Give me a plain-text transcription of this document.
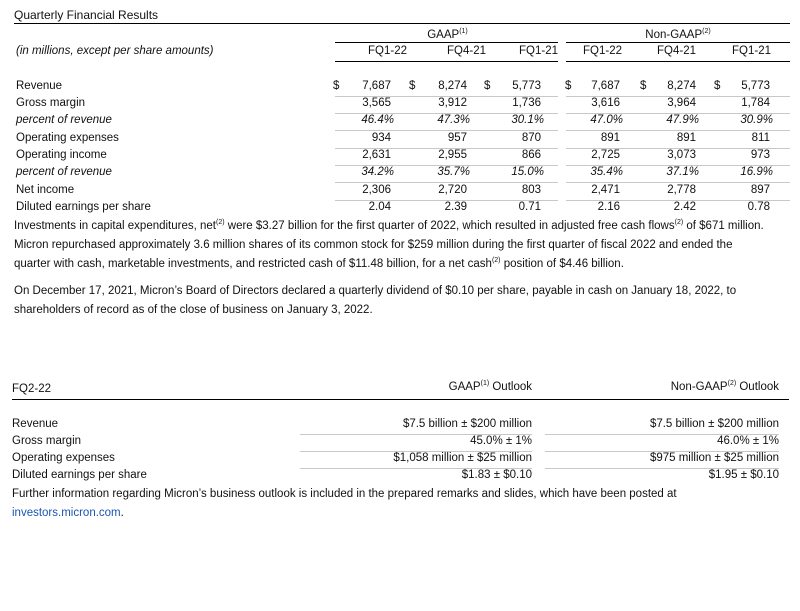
Quarterly Financial Results
GAAP$^{(1)}$	Non-GAAP$^{(2)}$
(in millions, except per share amounts)	FQ1-22	FQ4-21	FQ1-21	FQ1-22	FQ4-21	FQ1-21
Revenue	$	7,687 $	8,274 $	5,773 $	7,687 $	8,274 $	5,773
Gross margin	3,565	3,912	1,736	3,616	3,964	1,784
percent of revenue	46.4%	47.3%	30.1%	47.0%	47.9%	30.9%
Operating expenses	934	957	870	891	891	811
Operating income	2,631	2,955	866	2,725	3,073	973
percent of revenue	34.2%	35.7%	15.0%	35.4%	37.1%	16.9%
Net income	2,306	2,720	803	2,471	2,778	897
Diluted earnings per share	2.04	2.39	0.71	2.16	2.42	0.78
Investments in capital expenditures, net$^{(2)}$ were $3.27 billion for the first quarter of 2022, which resulted in adjusted free cash flows$^{(2)}$ of $671 million.
Micron repurchased approximately 3.6 million shares of its common stock for $259 million during the first quarter of fiscal 2022 and ended the
quarter with cash, marketable investments, and restricted cash of $11.48 billion, for a net cash$^{(2)}$ position of $4.46 billion.
On December 17, 2021, Micron’s Board of Directors declared a quarterly dividend of $0.10 per share, payable in cash on January 18, 2022, to
shareholders of record as of the close of business on January 3, 2022.
FQ2-22	GAAP$^{(1)}$ Outlook	Non-GAAP$^{(2)}$ Outlook
Revenue	$7.5 billion ± $200 million	$7.5 billion ± $200 million
Gross margin	45.0% ± 1%	46.0% ± 1%
Operating expenses	$1,058 million ± $25 million	$975 million ± $25 million
Diluted earnings per share	$1.83 ± $0.10	$1.95 ± $0.10
Further information regarding Micron’s business outlook is included in the prepared remarks and slides, which have been posted at
investors.micron.com.
